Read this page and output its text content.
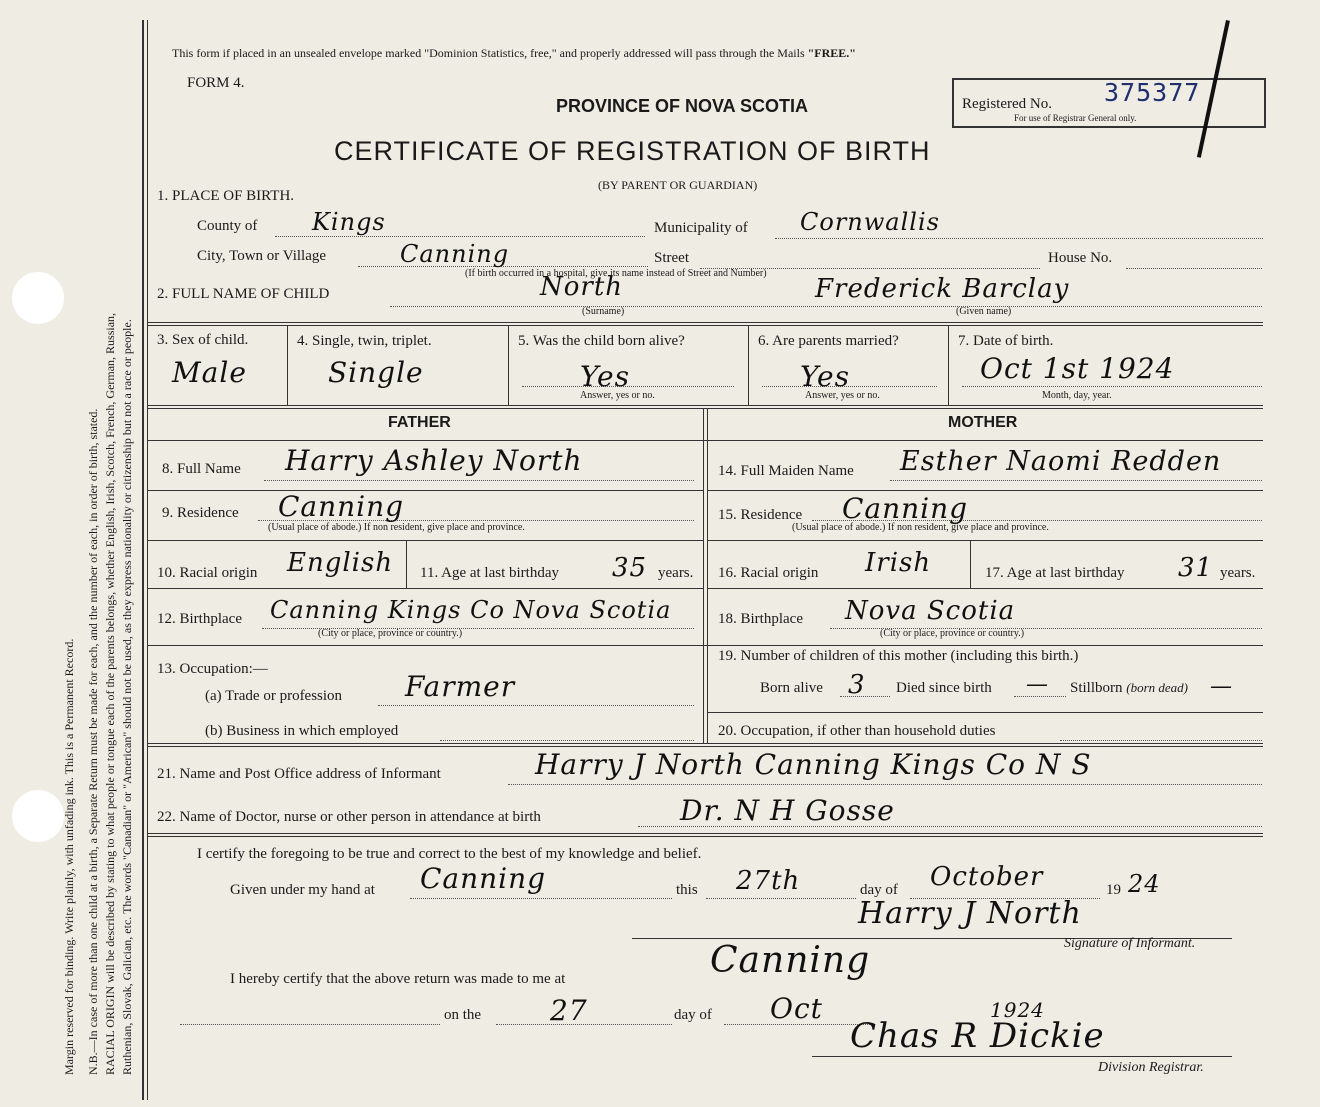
Margin reserved for binding. Write plainly, with unfading ink. This is a Permanent Record. N.B.—In case of more than one child at a birth, a Separate Return must be made for each, and the number of each, in order of birth, stated. RACIAL ORIGIN will be described by stating to what people or tongue each of the parents belongs, whether English, Irish, Scotch, French, German, Russian, Ruthenian, Slovak, Galician, etc. The words "Canadian" or "American" should not be used, as they express nationality or citizenship but not a race or people.
This form if placed in an unsealed envelope marked "Dominion Statistics, free," and properly addressed will pass through the Mails "FREE."
FORM 4.
PROVINCE OF NOVA SCOTIA
CERTIFICATE OF REGISTRATION OF BIRTH
(BY PARENT OR GUARDIAN)
Registered No. 375377
For use of Registrar General only.
1. PLACE OF BIRTH.
County of Kings	Municipality of Cornwallis
City, Town or Village	Canning	Street	House No.
(If birth occurred in a hospital, give its name instead of Street and Number)
2. FULL NAME OF CHILD	North	Frederick Barclay
(Surname)	(Given name)
3. Sex of child.
Male
4. Single, twin, triplet.
Single
5. Was the child born alive?
Yes
Answer, yes or no.
6. Are parents married?
Yes
Answer, yes or no.
7. Date of birth.
Oct 1st 1924
Month, day, year.
FATHER	MOTHER
8. Full Name Harry Ashley North
9. Residence Canning
(Usual place of abode.) If non resident, give place and province.
10. Racial origin English 11. Age at last birthday 35 years.
12. Birthplace Canning Kings Co Nova Scotia
(City or place, province or country.)
13. Occupation:—
(a) Trade or profession Farmer
(b) Business in which employed
14. Full Maiden Name Esther Naomi Redden
15. Residence Canning
(Usual place of abode.) If non resident, give place and province.
16. Racial origin Irish	17. Age at last birthday 31 years.
18. Birthplace Nova Scotia
(City or place, province or country.)
19. Number of children of this mother (including this birth.)
Born alive 3 Died since birth — Stillborn (born dead) —
20. Occupation, if other than household duties
21. Name and Post Office address of Informant	Harry J North Canning Kings Co N S
22. Name of Doctor, nurse or other person in attendance at birth	Dr. N H Gosse
I certify the foregoing to be true and correct to the best of my knowledge and belief.
Given under my hand at Canning	this 27th	day of October	19 24
Harry J North
Signature of Informant.
I hereby certify that the above return was made to me at	Canning
on the 27	day of Oct	1924
Chas R Dickie
Division Registrar.
